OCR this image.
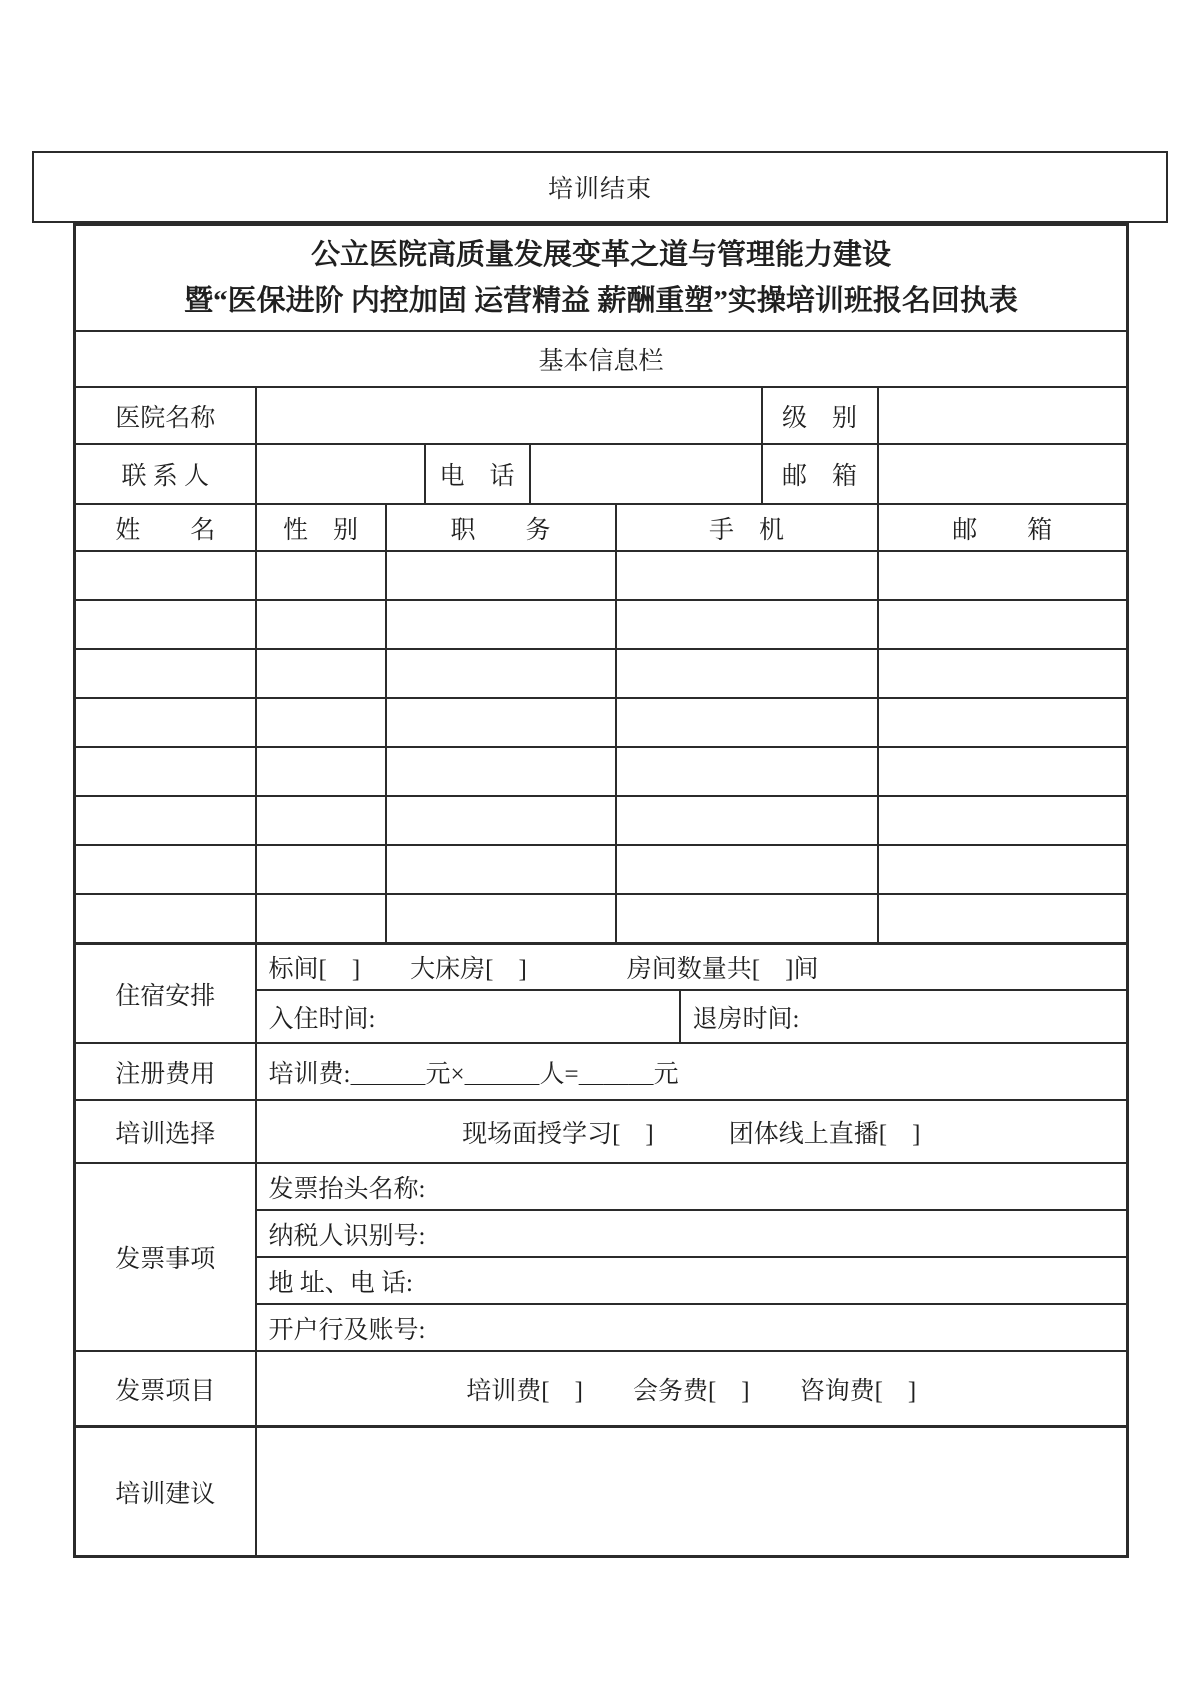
培训结束
公立医院高质量发展变革之道与管理能力建设
暨“医保进阶 内控加固 运营精益 薪酬重塑”实操培训班报名回执表								

基本信息栏								
医院名称							级　别	
联 系 人			电　话				邮　箱	
姓　　名	性　别	职　　务			手　机			邮　　箱

住宿安排	标间[　]　　大床房[　]　　　　房间数量共[　]间							
	入住时间:					退房时间:		
注册费用	培训费:＿＿＿元×＿＿＿人=＿＿＿元							
培训选择	现场面授学习[　]　　　团体线上直播[　]							
发票事项	发票抬头名称:							
	纳税人识别号:							
	地 址、电 话:							
	开户行及账号:							
发票项目	培训费[　]　　会务费[　]　　咨询费[　]							
培训建议								
